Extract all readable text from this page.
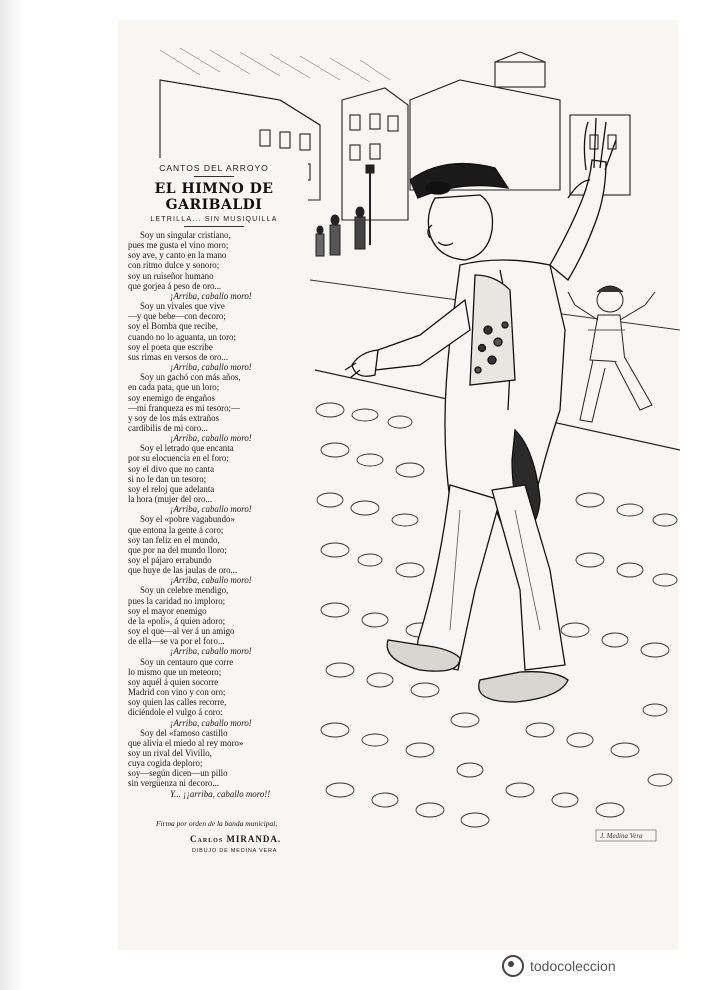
J. Medina Vera
CANTOS DEL ARROYO
EL HIMNO DE GARIBALDI
LETRILLA... SIN MUSIQUILLA
Soy un singular cristiano,
pues me gusta el vino moro;
soy ave, y canto en la mano
con ritmo dulce y sonoro;
soy un ruiseñor humano
que gorjea á peso de oro...
¡Arriba, caballo moro!
Soy un vivales que vive
—y que bebe—con decoro;
soy el Bomba que recibe,
cuando no lo aguanta, un toro;
soy el poeta que escribe
sus rimas en versos de oro...
¡Arriba, caballo moro!
Soy un gachó con más años,
en cada pata, que un loro;
soy enemigo de engaños
—mi franqueza es mi tesoro;—
y soy de los más extraños
cardibilis de mi coro...
¡Arriba, caballo moro!
Soy el letrado que encanta
por su elocuencia en el foro;
soy el divo que no canta
si no le dan un tesoro;
soy el reloj que adelanta
la hora (mujer del oro...
¡Arriba, caballo moro!
Soy el «pobre vagabundo»
que entona la gente á coro;
soy tan feliz en el mundo,
que por na del mundo lloro;
soy el pájaro errabundo
que huye de las jaulas de oro...
¡Arriba, caballo moro!
Soy un celebre mendigo,
pues la caridad no imploro;
soy el mayor enemigo
de la «poli», á quien adoro;
soy el que—al ver á un amigo
de ella—se va por el foro...
¡Arriba, caballo moro!
Soy un centauro que corre
lo mismo que un meteoro;
soy aquél á quien socorre
Madrid con vino y con oro;
soy quien las calles recorre,
diciéndole el vulgo á coro:
¡Arriba, caballo moro!
Soy del «famoso castillo
que alivia el miedo al rey moro»
soy un rival del Vivillo,
cuya cogida deploro;
soy—según dicen—un pillo
sin vergüenza ni decoro...
Y... ¡¡arriba, caballo moro!!
Firma por orden de la banda municipal,
Carlos MIRANDA.
DIBUJO DE MEDINA VERA
todocoleccion
